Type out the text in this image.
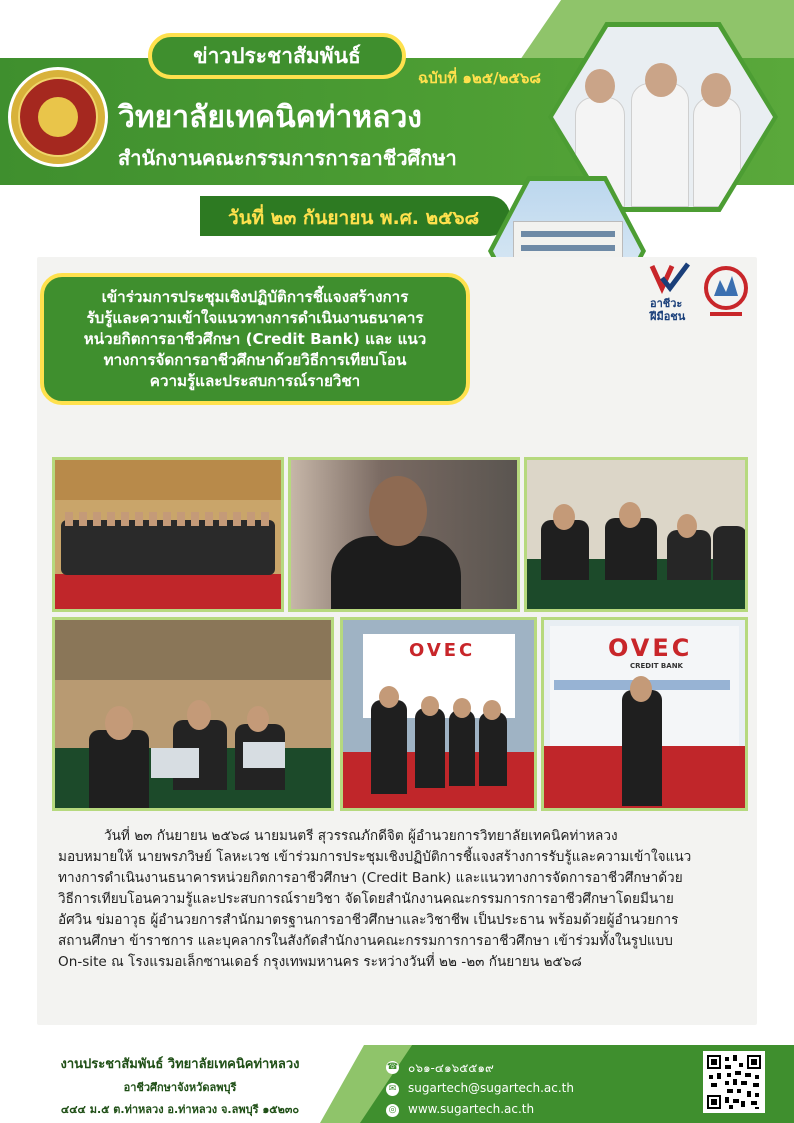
ข่าวประชาสัมพันธ์
ฉบับที่ ๑๒๕/๒๕๖๘
วิทยาลัยเทคนิคท่าหลวง
สำนักงานคณะกรรมการการอาชีวศึกษา
วันที่ ๒๓ กันยายน พ.ศ. ๒๕๖๘
เข้าร่วมการประชุมเชิงปฏิบัติการชี้แจงสร้างการ
รับรู้และความเข้าใจแนวทางการดำเนินงานธนาคาร
หน่วยกิตการอาชีวศึกษา (Credit Bank) และ แนว
ทางการจัดการอาชีวศึกษาด้วยวิธีการเทียบโอน
ความรู้และประสบการณ์รายวิชา
อาชีวะ
ฝีมือชน
OVEC	OVEC
CREDIT BANK
วันที่ ๒๓ กันยายน ๒๕๖๘ นายมนตรี สุวรรณภักดีจิต ผู้อำนวยการวิทยาลัยเทคนิคท่าหลวง
มอบหมายให้ นายพรภวิษย์ โลหะเวช เข้าร่วมการประชุมเชิงปฏิบัติการชี้แจงสร้างการรับรู้และความเข้าใจแนว
ทางการดำเนินงานธนาคารหน่วยกิตการอาชีวศึกษา (Credit Bank) และแนวทางการจัดการอาชีวศึกษาด้วย
วิธีการเทียบโอนความรู้และประสบการณ์รายวิชา จัดโดยสำนักงานคณะกรรมการการอาชีวศึกษาโดยมีนาย
อัศวิน ข่มอาวุธ ผู้อำนวยการสำนักมาตรฐานการอาชีวศึกษาและวิชาชีพ เป็นประธาน พร้อมด้วยผู้อำนวยการ
สถานศึกษา ข้าราชการ และบุคลากรในสังกัดสำนักงานคณะกรรมการการอาชีวศึกษา เข้าร่วมทั้งในรูปแบบ
On-site ณ โรงแรมอเล็กซานเดอร์ กรุงเทพมหานคร ระหว่างวันที่ ๒๒ -๒๓ กันยายน ๒๕๖๘
งานประชาสัมพันธ์ วิทยาลัยเทคนิคท่าหลวง
อาชีวศึกษาจังหวัดลพบุรี
๔๔๔ ม.๕ ต.ท่าหลวง อ.ท่าหลวง จ.ลพบุรี ๑๕๒๓๐
☎ ๐๖๑-๔๑๖๕๕๑๙
✉ sugartech@sugartech.ac.th
◎ www.sugartech.ac.th
